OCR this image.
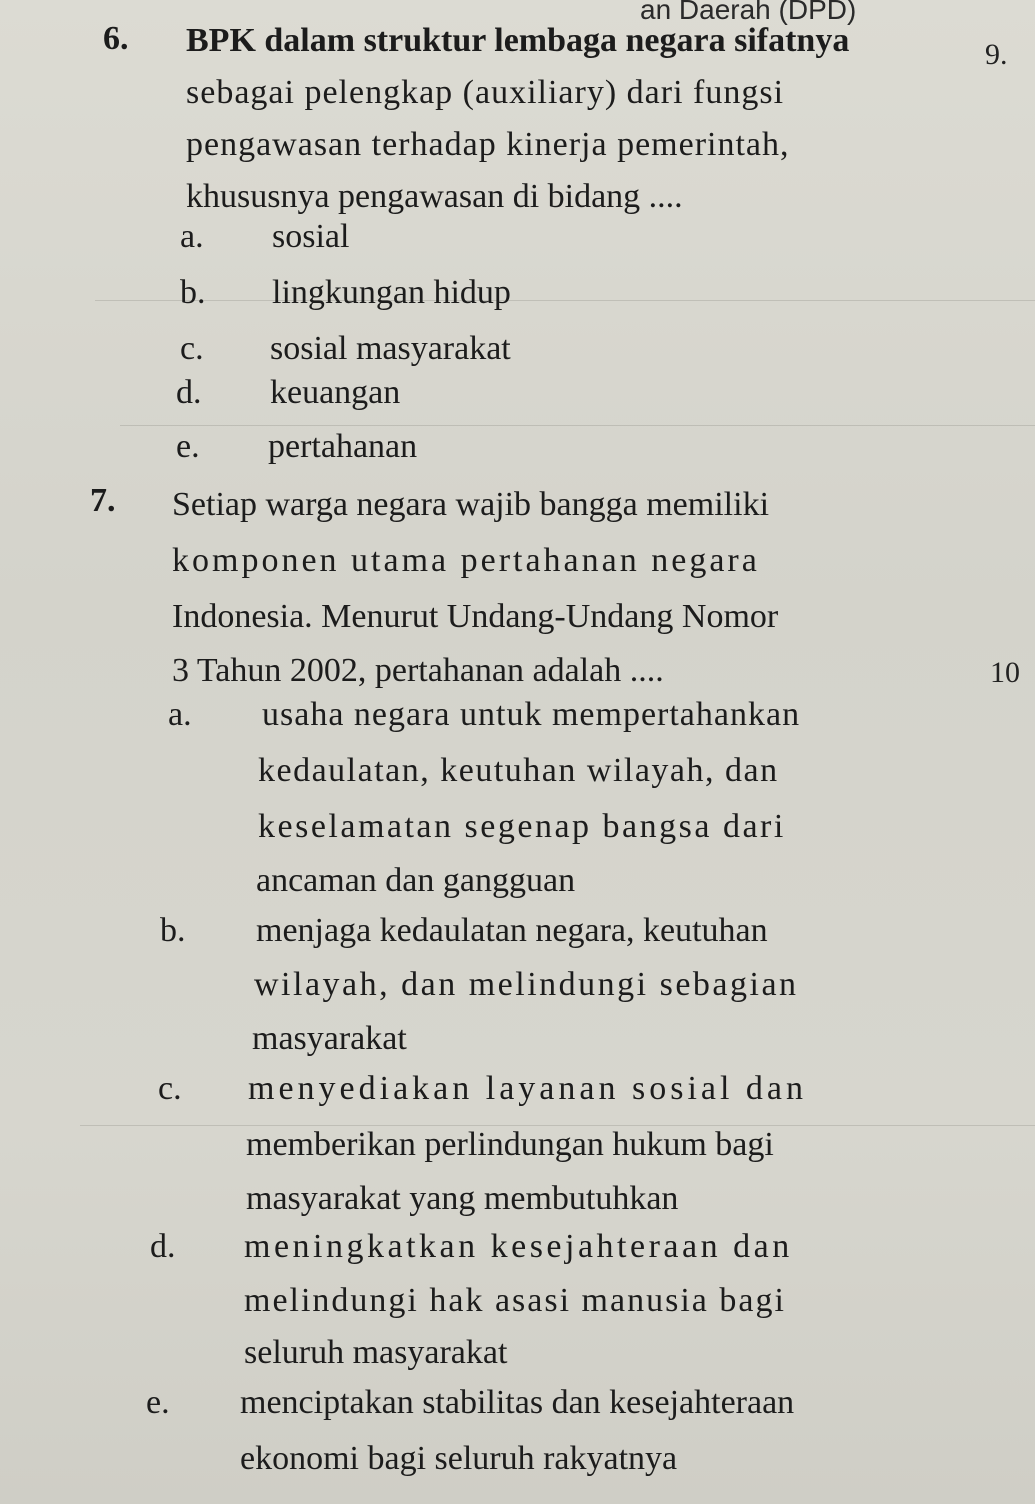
an Daerah (DPD)
9.
10
6. BPK dalam struktur lembaga negara sifatnya
sebagai pelengkap (auxiliary) dari fungsi
pengawasan terhadap kinerja pemerintah,
khususnya pengawasan di bidang ....
a. sosial
b. lingkungan hidup
c. sosial masyarakat
d. keuangan
e. pertahanan
7. Setiap warga negara wajib bangga memiliki
komponen utama pertahanan negara
Indonesia. Menurut Undang-Undang Nomor
3 Tahun 2002, pertahanan adalah ....
a. usaha negara untuk mempertahankan
kedaulatan, keutuhan wilayah, dan
keselamatan segenap bangsa dari
ancaman dan gangguan
b. menjaga kedaulatan negara, keutuhan
wilayah, dan melindungi sebagian
masyarakat
c. menyediakan layanan sosial dan
memberikan perlindungan hukum bagi
masyarakat yang membutuhkan
d. meningkatkan kesejahteraan dan
melindungi hak asasi manusia bagi
seluruh masyarakat
e. menciptakan stabilitas dan kesejahteraan
ekonomi bagi seluruh rakyatnya
